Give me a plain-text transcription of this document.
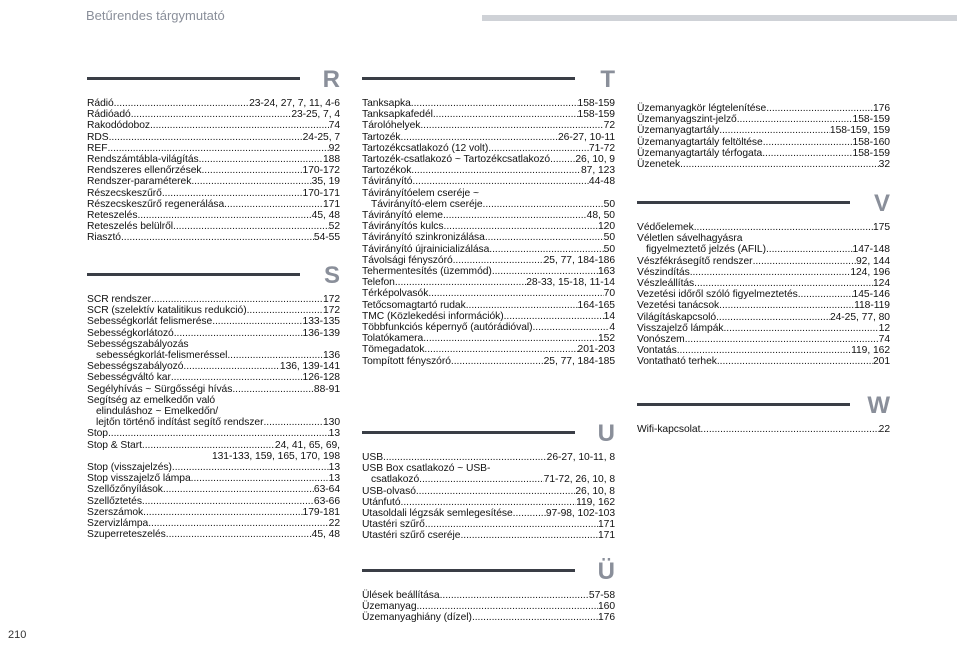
Betűrendes tárgymutató
R
Rádió .....	23-24, 27, 7, 11, 4-6
Rádióadó .....	23-25, 7, 4
Rakodódoboz .....	74
RDS .....	24-25, 7
REF .....	92
Rendszámtábla-világítás .....	188
Rendszeres ellenőrzések .....	170-172
Rendszer-paraméterek .....	35, 19
Részecskeszűrő .....	170-171
Részecskeszűrő regenerálása .....	171
Reteszelés .....	45, 48
Reteszelés belülről .....	52
Riasztó .....	54-55
S
SCR rendszer .....	172
SCR (szelektív katalitikus redukció) .....	172
Sebességkorlát felismerése .....	133-135
Sebességkorlátozó .....	136-139
Sebességszabályozás
sebességkorlát-felismeréssel .....	136
Sebességszabályozó .....	136, 139-141
Sebességváltó kar .....	126-128
Segélyhívás ~ Sürgősségi hívás .....	88-91
Segítség az emelkedőn való
elinduláshoz ~ Emelkedőn/
lejtőn történő indítást segítő rendszer .....	130
Stop .....	13
Stop & Start .....	24, 41, 65, 69,
131-133, 159, 165, 170, 198
Stop (visszajelzés) .....	13
Stop visszajelző lámpa .....	13
Szellőzőnyílások .....	63-64
Szellőztetés .....	63-66
Szerszámok .....	179-181
Szervizlámpa .....	22
Szuperreteszelés .....	45, 48
T
Tanksapka .....	158-159
Tanksapkafedél .....	158-159
Tárolóhelyek .....	72
Tartozék .....	26-27, 10-11
Tartozékcsatlakozó (12 volt) .....	71-72
Tartozék-csatlakozó ~ Tartozékcsatlakozó ..... 26, 10, 9
Tartozékok .....	87, 123
Távirányító .....	44-48
Távirányítóelem cseréje ~
Távirányító-elem cseréje .....	50
Távirányító eleme .....	48, 50
Távirányítós kulcs .....	120
Távirányító szinkronizálása .....	50
Távirányító újrainicializálása .....	50
Távolsági fényszóró .....	25, 77, 184-186
Tehermentesítés (üzemmód) .....	163
Telefon .....	28-33, 15-18, 11-14
Térképolvasók .....	70
Tetőcsomagtartó rudak .....	164-165
TMC (Közlekedési információk) .....	14
Többfunkciós képernyő (autórádióval) .....	4
Tolatókamera .....	152
Tömegadatok .....	201-203
Tompított fényszóró .....	25, 77, 184-185
U
USB .....	26-27, 10-11, 8
USB Box csatlakozó ~ USB-
csatlakozó .....	71-72, 26, 10, 8
USB-olvasó .....	26, 10, 8
Utánfutó .....	119, 162
Utasoldali légzsák semlegesítése .....	97-98, 102-103
Utastéri szűrő .....	171
Utastéri szűrő cseréje .....	171
Ü
Ülések beállítása .....	57-58
Üzemanyag .....	160
Üzemanyaghiány (dízel) .....	176
Üzemanyagkör légtelenítése .....	176
Üzemanyagszint-jelző .....	158-159
Üzemanyagtartály .....	158-159, 159
Üzemanyagtartály feltöltése .....	158-160
Üzemanyagtartály térfogata .....	158-159
Üzenetek .....	32
V
Védőelemek .....	175
Véletlen sávelhagyásra
figyelmeztető jelzés (AFIL) .....	147-148
Vészfékrásegítő rendszer .....	92, 144
Vészindítás .....	124, 196
Vészleállítás .....	124
Vezetési időről szóló figyelmeztetés .....	145-146
Vezetési tanácsok .....	118-119
Világításkapcsoló .....	24-25, 77, 80
Visszajelző lámpák .....	12
Vonószem .....	74
Vontatás .....	119, 162
Vontatható terhek .....	201
W
Wifi-kapcsolat .....	22
210
